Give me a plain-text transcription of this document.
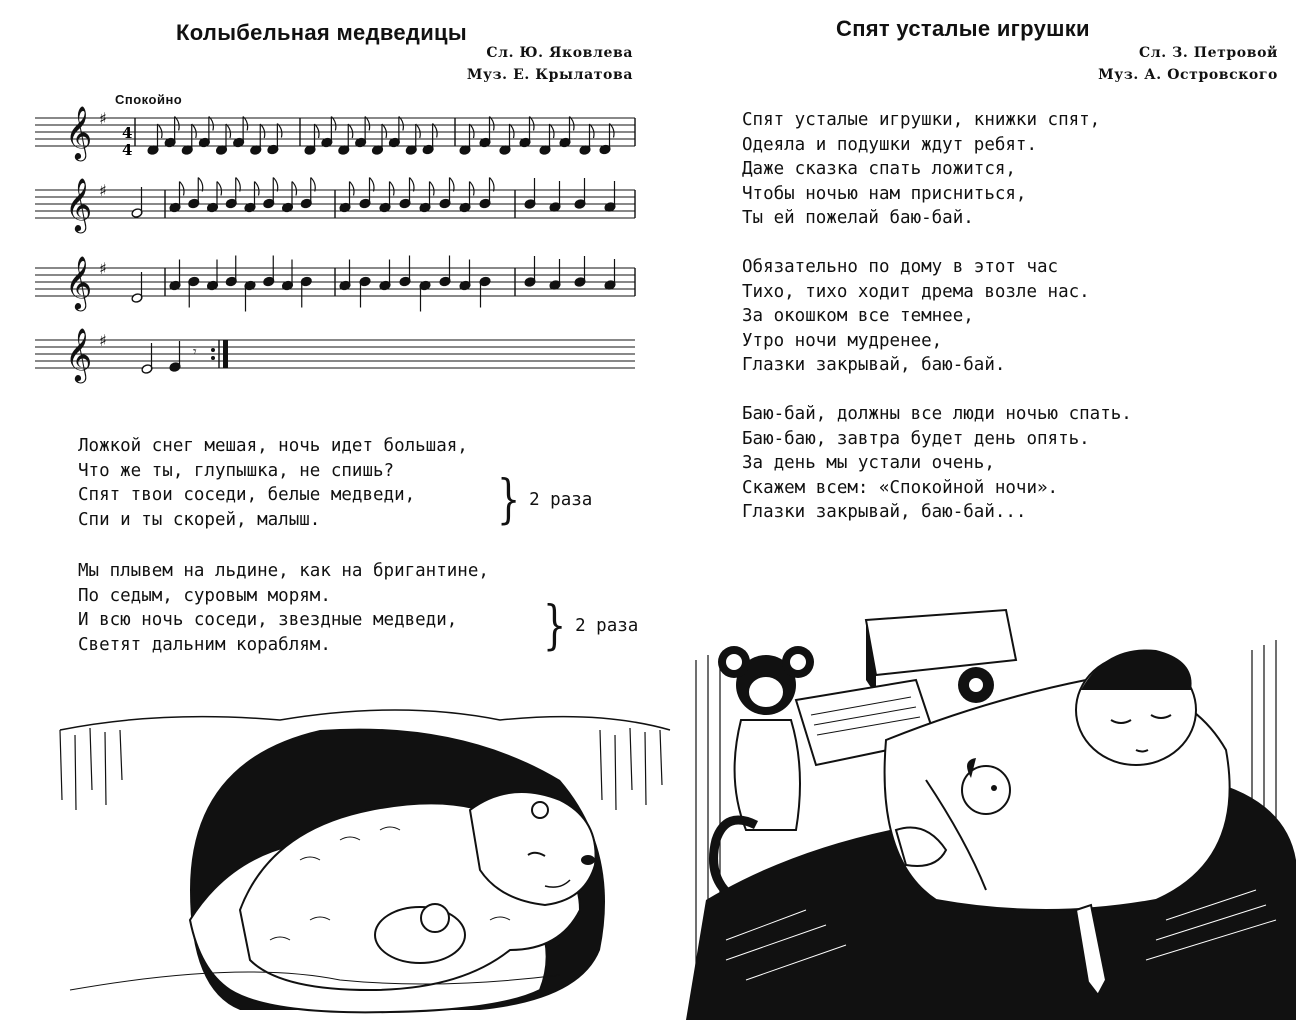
Колыбельная медведицы
Сл. Ю. Яковлева
Муз. Е. Крылатова
Спокойно
𝄞 ♯
𝄞 ♯
𝄞 ♯
𝄞 ♯
𝄾
4
4
Ложкой снег мешая, ночь идет большая,
Что же ты, глупышка, не спишь?
Спят твои соседи, белые медведи,
Спи и ты скорей, малыш.	} 2 раза
Мы плывем на льдине, как на бригантине,
По седым, суровым морям.
И всю ночь соседи, звездные медведи,
Светят дальним кораблям.	} 2 раза
Спят усталые игрушки
Сл. З. Петровой
Муз. А. Островского
Спят усталые игрушки, книжки спят,
Одеяла и подушки ждут ребят.
Даже сказка спать ложится,
Чтобы ночью нам присниться,
Ты ей пожелай баю-бай.
Обязательно по дому в этот час
Тихо, тихо ходит дрема возле нас.
За окошком все темнее,
Утро ночи мудренее,
Глазки закрывай, баю-бай.
Баю-бай, должны все люди ночью спать.
Баю-баю, завтра будет день опять.
За день мы устали очень,
Скажем всем: «Спокойной ночи».
Глазки закрывай, баю-бай...
